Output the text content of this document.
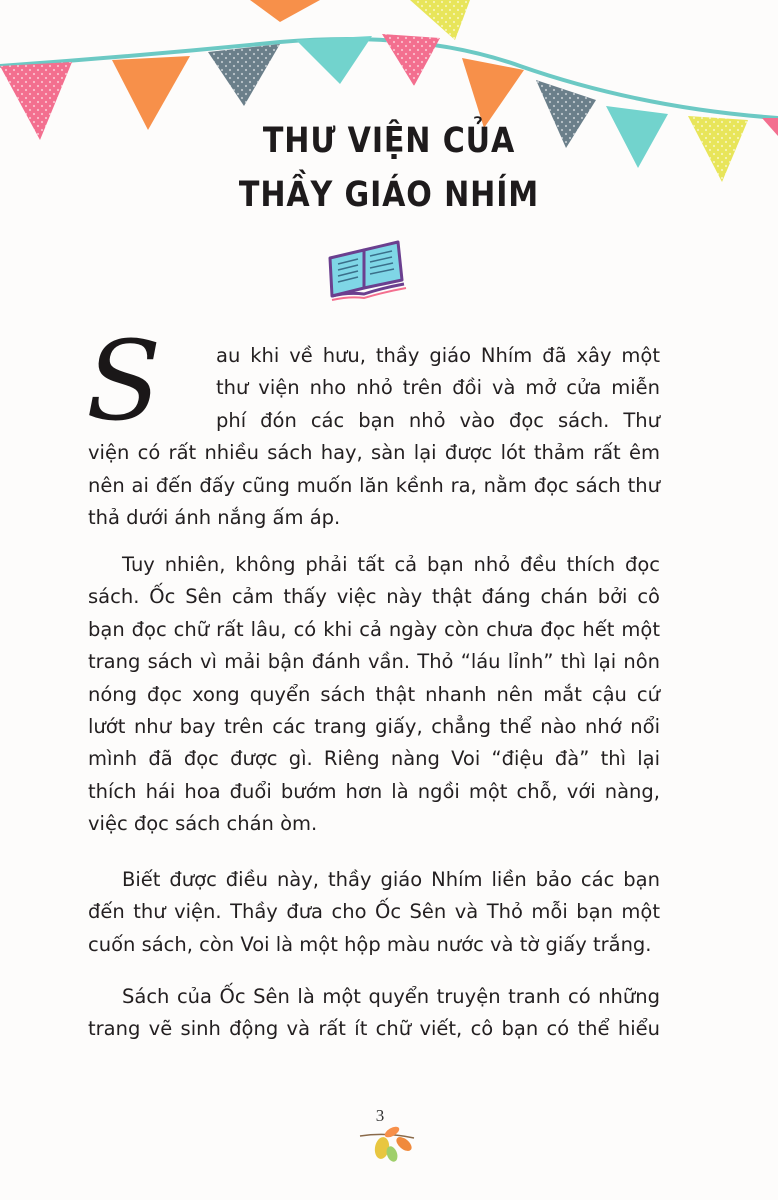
THƯ VIỆN CỦA
THẦY GIÁO NHÍM
S	au khi về hưu, thầy giáo Nhím đã xây một
thư viện nho nhỏ trên đồi và mở cửa miễn
phí đón các bạn nhỏ vào đọc sách. Thư
viện có rất nhiều sách hay, sàn lại được lót thảm rất êm
nên ai đến đấy cũng muốn lăn kềnh ra, nằm đọc sách thư
thả dưới ánh nắng ấm áp.
Tuy nhiên, không phải tất cả bạn nhỏ đều thích đọc
sách. Ốc Sên cảm thấy việc này thật đáng chán bởi cô
bạn đọc chữ rất lâu, có khi cả ngày còn chưa đọc hết một
trang sách vì mải bận đánh vần. Thỏ “láu lỉnh” thì lại nôn
nóng đọc xong quyển sách thật nhanh nên mắt cậu cứ
lướt như bay trên các trang giấy, chẳng thể nào nhớ nổi
mình đã đọc được gì. Riêng nàng Voi “điệu đà” thì lại
thích hái hoa đuổi bướm hơn là ngồi một chỗ, với nàng,
việc đọc sách chán òm.
Biết được điều này, thầy giáo Nhím liền bảo các bạn
đến thư viện. Thầy đưa cho Ốc Sên và Thỏ mỗi bạn một
cuốn sách, còn Voi là một hộp màu nước và tờ giấy trắng.
Sách của Ốc Sên là một quyển truyện tranh có những
trang vẽ sinh động và rất ít chữ viết, cô bạn có thể hiểu
3
